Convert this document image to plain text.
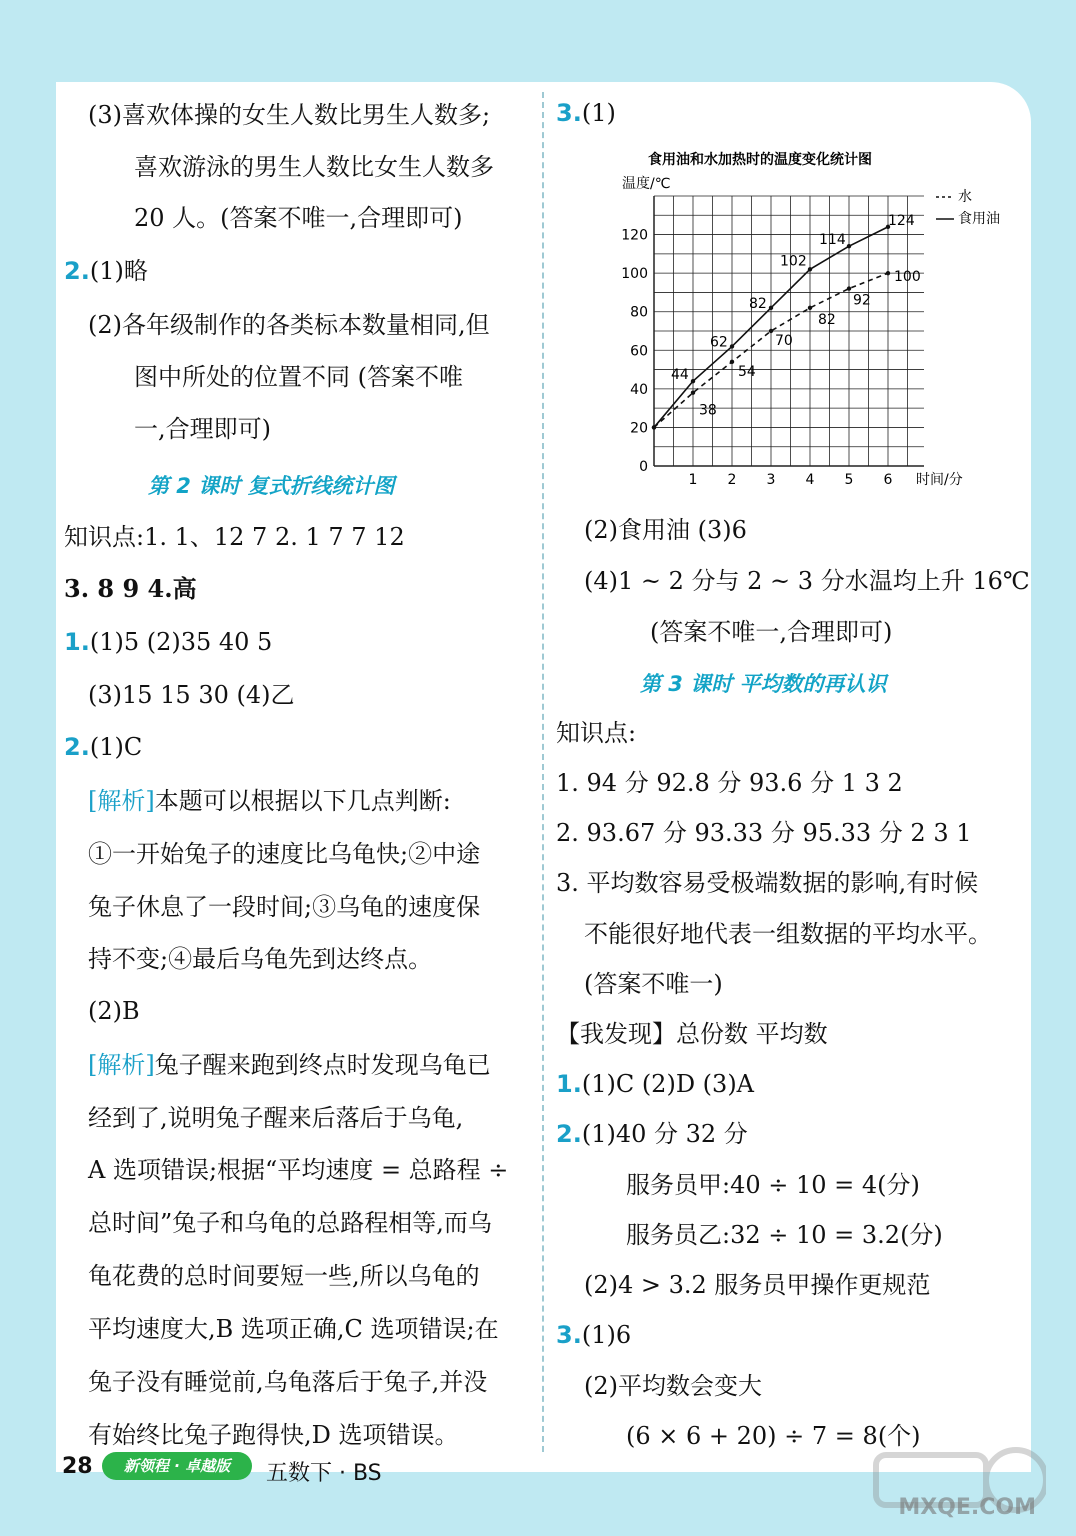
(3)喜欢体操的女生人数比男生人数多;
喜欢游泳的男生人数比女生人数多
20 人。(答案不唯一,合理即可)
2.(1)略
(2)各年级制作的各类标本数量相同,但
图中所处的位置不同 (答案不唯
一,合理即可)
第 2 课时 复式折线统计图
知识点:1. 1、12 7 2. 1 7 7 12
3. 8 9 4.高
1.(1)5 (2)35 40 5
(3)15 15 30 (4)乙
2.(1)C
[解析]本题可以根据以下几点判断:
①一开始兔子的速度比乌龟快;②中途
兔子休息了一段时间;③乌龟的速度保
持不变;④最后乌龟先到达终点。
(2)B
[解析]兔子醒来跑到终点时发现乌龟已
经到了,说明兔子醒来后落后于乌龟,
A 选项错误;根据“平均速度 = 总路程 ÷
总时间”兔子和乌龟的总路程相等,而乌
龟花费的总时间要短一些,所以乌龟的
平均速度大,B 选项正确,C 选项错误;在
兔子没有睡觉前,乌龟落后于兔子,并没
有始终比兔子跑得快,D 选项错误。
3.(1)
食用油和水加热时的温度变化统计图
温度/℃
时间/分
0
20
40
60
80
100
120
1 2 3 4 5 6
38
54
70
82
92
100
44
62
82
102
114
124
水
食用油
(2)食用油 (3)6
(4)1 ~ 2 分与 2 ~ 3 分水温均上升 16℃
(答案不唯一,合理即可)
第 3 课时 平均数的再认识
知识点:
1. 94 分 92.8 分 93.6 分 1 3 2
2. 93.67 分 93.33 分 95.33 分 2 3 1
3. 平均数容易受极端数据的影响,有时候
不能很好地代表一组数据的平均水平。
(答案不唯一)
【我发现】总份数 平均数
1.(1)C (2)D (3)A
2.(1)40 分 32 分
服务员甲:40 ÷ 10 = 4(分)
服务员乙:32 ÷ 10 = 3.2(分)
(2)4 > 3.2 服务员甲操作更规范
3.(1)6
(2)平均数会变大
(6 × 6 + 20) ÷ 7 = 8(个)
28	新领程 · 卓越版	五数下 · BS
MXQE.COM
